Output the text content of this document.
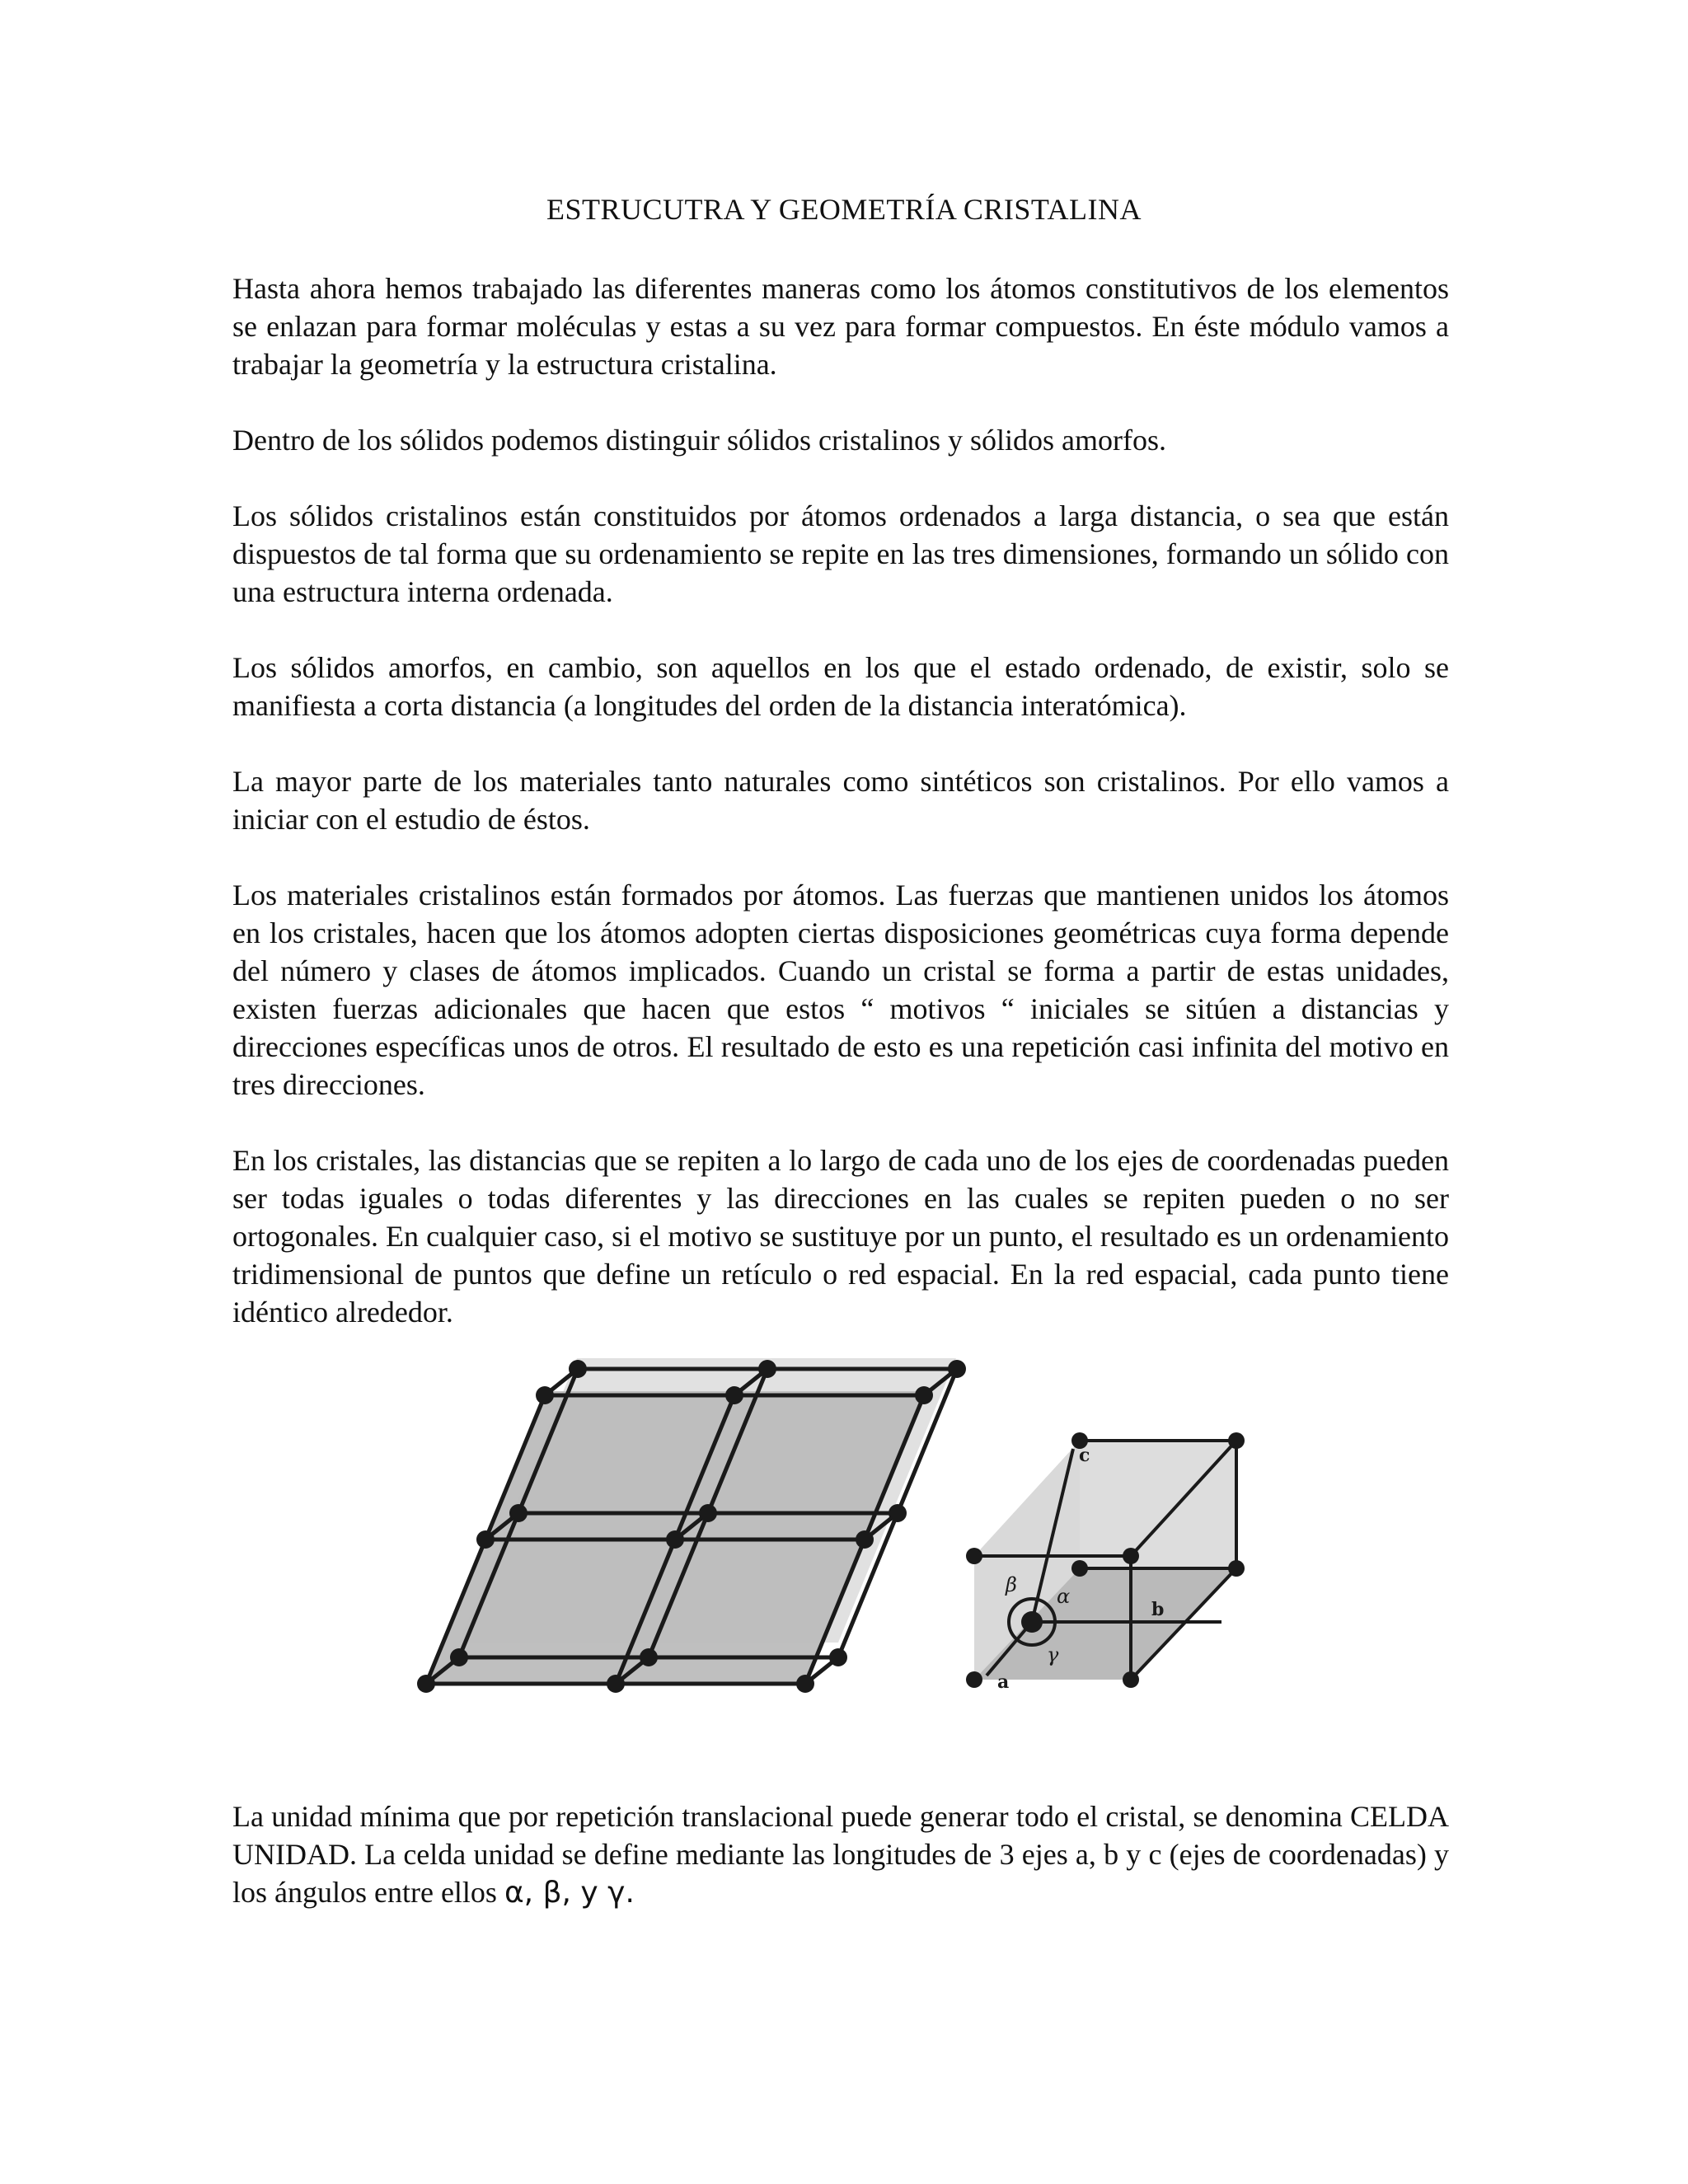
ESTRUCUTRA Y GEOMETRÍA CRISTALINA

Hasta ahora hemos trabajado las diferentes maneras como los átomos constitutivos de los elementos se enlazan para formar moléculas y estas a su vez para formar compuestos. En éste módulo vamos a trabajar la geometría y la estructura cristalina.

Dentro de los sólidos podemos distinguir sólidos cristalinos y sólidos amorfos.

Los sólidos cristalinos están constituidos por átomos ordenados a larga distancia, o sea que están dispuestos de tal forma que su ordenamiento se repite en las tres dimensiones, formando un sólido con una estructura interna ordenada.

Los sólidos amorfos, en cambio, son aquellos en los que el estado ordenado, de existir, solo se manifiesta a corta distancia (a longitudes del orden de la distancia interatómica).

La mayor parte de los materiales tanto naturales como sintéticos son cristalinos. Por ello vamos a iniciar con el estudio de éstos.

Los materiales cristalinos están formados por átomos. Las fuerzas que mantienen unidos los átomos en los cristales, hacen que los átomos adopten ciertas disposiciones geométricas cuya forma depende del número y clases de átomos implicados. Cuando un cristal se forma a partir de estas unidades, existen fuerzas adicionales que hacen que estos “ motivos “ iniciales se sitúen a distancias y direcciones específicas unos de otros. El resultado de esto es una repetición casi infinita del motivo en tres direcciones.

En los cristales, las distancias que se repiten a lo largo de cada uno de los ejes de coordenadas pueden ser todas iguales o todas diferentes y las direcciones en las cuales se repiten pueden o no ser ortogonales. En cualquier caso, si el motivo se sustituye por un punto, el resultado es un ordenamiento tridimensional de puntos que define un retículo o red espacial. En la red espacial, cada punto tiene idéntico alrededor.

c
b
a
α
β
γ

La unidad mínima que por repetición translacional puede generar todo el cristal, se denomina CELDA UNIDAD. La celda unidad se define mediante las longitudes de 3 ejes a, b y c (ejes de coordenadas) y los ángulos entre ellos α, β, y γ.
